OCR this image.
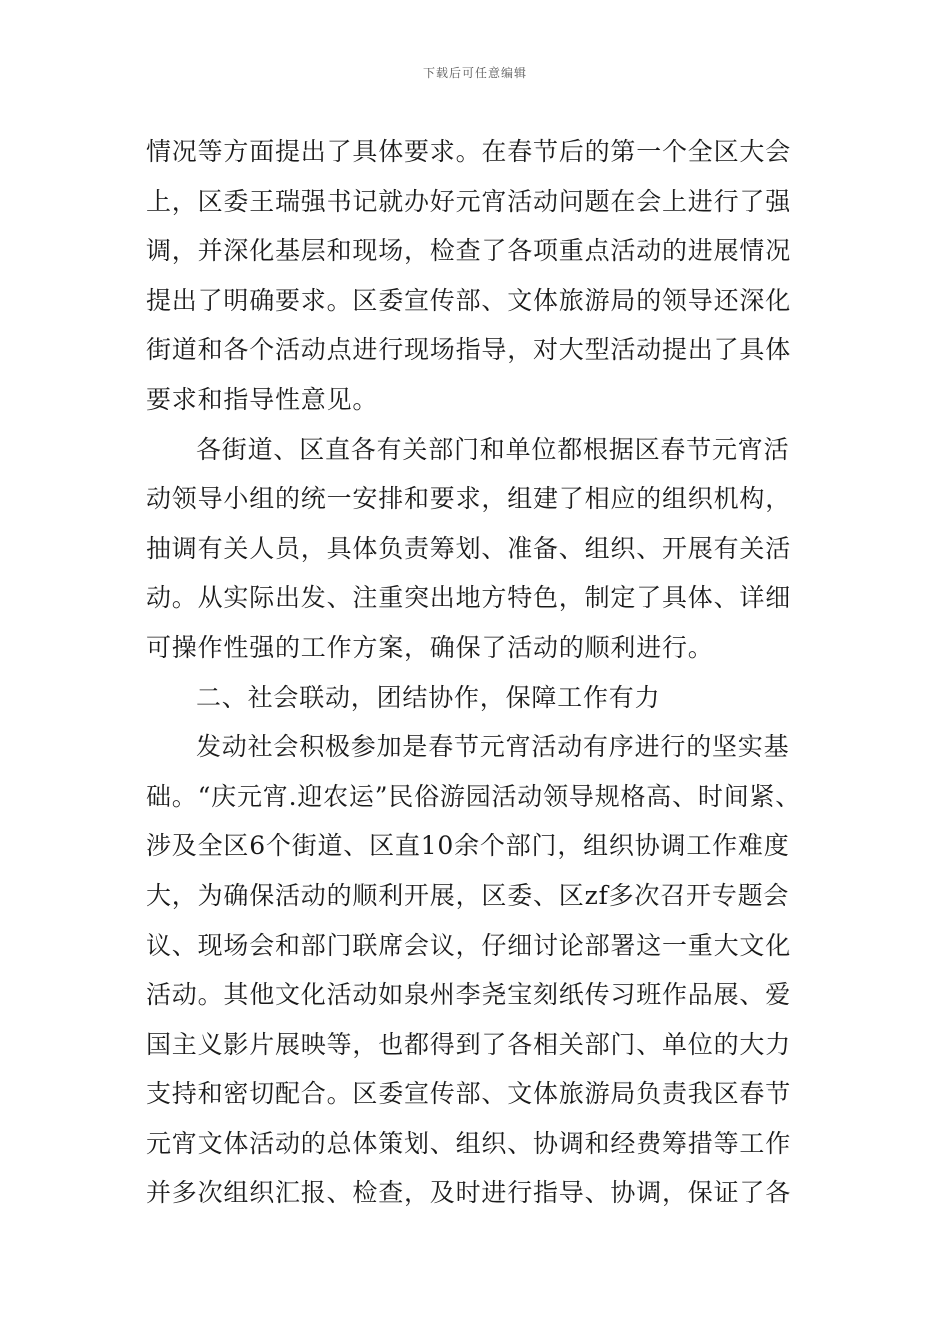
下载后可任意编辑
情况等方面提出了具体要求。在春节后的第一个全区大会
上，区委王瑞强书记就办好元宵活动问题在会上进行了强
调，并深化基层和现场，检查了各项重点活动的进展情况
提出了明确要求。区委宣传部、文体旅游局的领导还深化
街道和各个活动点进行现场指导，对大型活动提出了具体
要求和指导性意见。
各街道、区直各有关部门和单位都根据区春节元宵活
动领导小组的统一安排和要求，组建了相应的组织机构，
抽调有关人员，具体负责筹划、准备、组织、开展有关活
动。从实际出发、注重突出地方特色，制定了具体、详细
可操作性强的工作方案，确保了活动的顺利进行。
二、社会联动，团结协作，保障工作有力
发动社会积极参加是春节元宵活动有序进行的坚实基
础。“庆元宵.迎农运”民俗游园活动领导规格高、时间紧、
涉及全区6个街道、区直10余个部门，组织协调工作难度
大，为确保活动的顺利开展，区委、区zf多次召开专题会
议、现场会和部门联席会议，仔细讨论部署这一重大文化
活动。其他文化活动如泉州李尧宝刻纸传习班作品展、爱
国主义影片展映等，也都得到了各相关部门、单位的大力
支持和密切配合。区委宣传部、文体旅游局负责我区春节
元宵文体活动的总体策划、组织、协调和经费筹措等工作
并多次组织汇报、检查，及时进行指导、协调，保证了各
